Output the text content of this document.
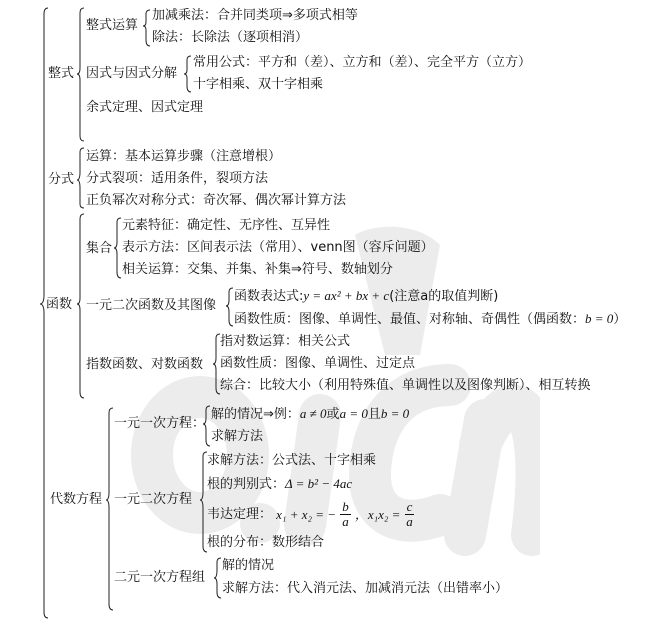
整式
整式运算
加减乘法：合并同类项⇒多项式相等
除法：长除法（逐项相消）
因式与因式分解
常用公式：平方和（差）、立方和（差）、完全平方（立方）
十字相乘、双十字相乘
余式定理、因式定理
分式
运算：基本运算步骤（注意增根）
分式裂项：适用条件，裂项方法
正负幂次对称分式：奇次幂、偶次幂计算方法
函数
集合
元素特征：确定性、无序性、互异性
表示方法：区间表示法（常用）、venn图（容斥问题）
相关运算：交集、并集、补集⇒符号、数轴划分
一元二次函数及其图像
函数表达式:y = ax² + bx + c(注意a的取值判断)
函数性质：图像、单调性、最值、对称轴、奇偶性（偶函数：b = 0）
指数函数、对数函数
指对数运算：相关公式
函数性质：图像、单调性、过定点
综合：比较大小（利用特殊值、单调性以及图像判断）、相互转换
代数方程
一元一次方程：
解的情况⇒例：a ≠ 0或a = 0且b = 0
求解方法
一元二次方程
求解方法：公式法、十字相乘
根的判别式：Δ = b² − 4ac
韦达定理： x₁ + x₂ = − $\frac{b}{a}$ ，$x_1x_2 = \frac{c}{a}$
根的分布：数形结合
二元一次方程组
解的情况
求解方法：代入消元法、加减消元法（出错率小）
